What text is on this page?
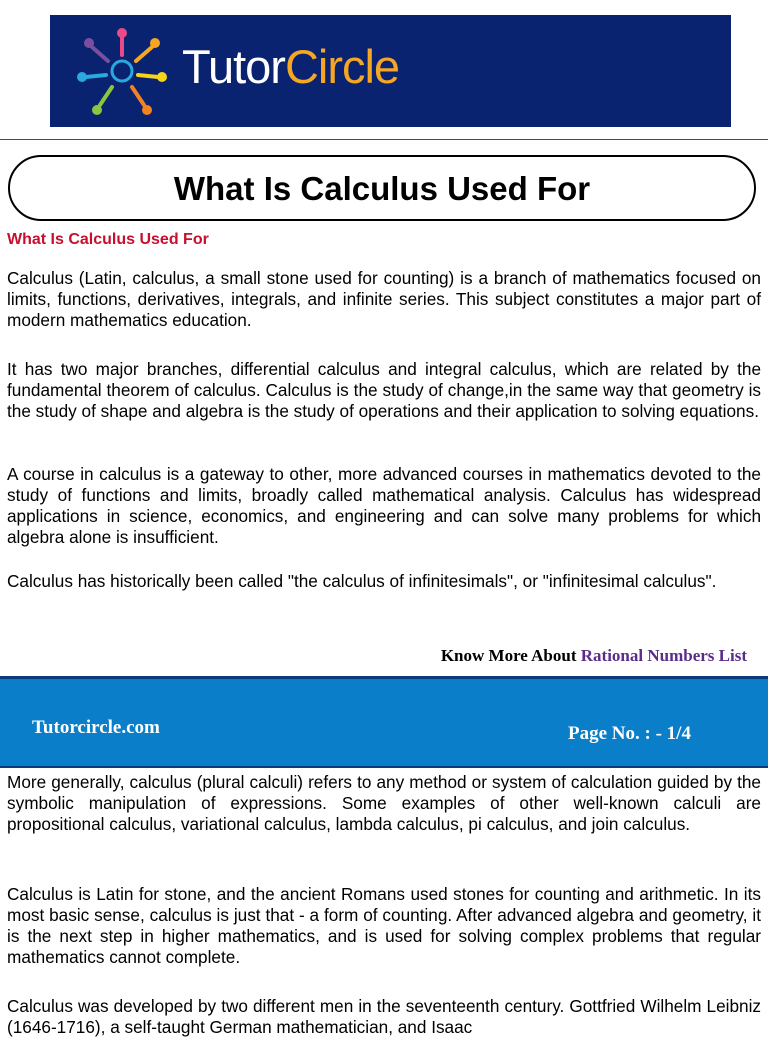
TutorCircle
What Is Calculus Used For
What Is Calculus Used For

Calculus (Latin, calculus, a small stone used for counting) is a branch of mathematics focused on limits, functions, derivatives, integrals, and infinite series. This subject constitutes a major part of modern mathematics education.

It has two major branches, differential calculus and integral calculus, which are related by the fundamental theorem of calculus. Calculus is the study of change,in the same way that geometry is the study of shape and algebra is the study of operations and their application to solving equations.

A course in calculus is a gateway to other, more advanced courses in mathematics devoted to the study of functions and limits, broadly called mathematical analysis. Calculus has widespread applications in science, economics, and engineering and can solve many problems for which algebra alone is insufficient.

Calculus has historically been called "the calculus of infinitesimals", or "infinitesimal calculus".

Know More About Rational Numbers List
Tutorcircle.com	Page No. : - 1/4

More generally, calculus (plural calculi) refers to any method or system of calculation guided by the symbolic manipulation of expressions. Some examples of other well-known calculi are propositional calculus, variational calculus, lambda calculus, pi calculus, and join calculus.

Calculus is Latin for stone, and the ancient Romans used stones for counting and arithmetic. In its most basic sense, calculus is just that - a form of counting. After advanced algebra and geometry, it is the next step in higher mathematics, and is used for solving complex problems that regular mathematics cannot complete.

Calculus was developed by two different men in the seventeenth century. Gottfried Wilhelm Leibniz (1646-1716), a self-taught German mathematician, and Isaac
